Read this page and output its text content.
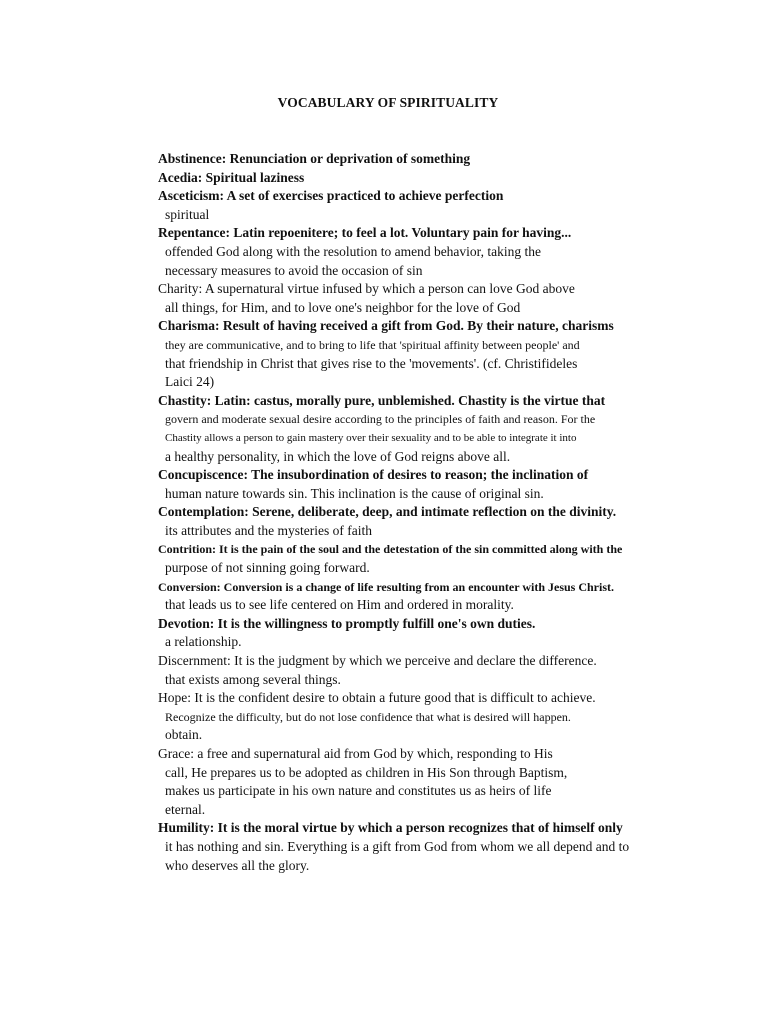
VOCABULARY OF SPIRITUALITY
Abstinence: Renunciation or deprivation of something
Acedia: Spiritual laziness
Asceticism: A set of exercises practiced to achieve perfection
spiritual
Repentance: Latin repoenitere; to feel a lot. Voluntary pain for having...
offended God along with the resolution to amend behavior, taking the
necessary measures to avoid the occasion of sin
Charity: A supernatural virtue infused by which a person can love God above
all things, for Him, and to love one's neighbor for the love of God
Charisma: Result of having received a gift from God. By their nature, charisms
they are communicative, and to bring to life that 'spiritual affinity between people' and
that friendship in Christ that gives rise to the 'movements'. (cf. Christifideles
Laici 24)
Chastity: Latin: castus, morally pure, unblemished. Chastity is the virtue that
govern and moderate sexual desire according to the principles of faith and reason. For the
Chastity allows a person to gain mastery over their sexuality and to be able to integrate it into
a healthy personality, in which the love of God reigns above all.
Concupiscence: The insubordination of desires to reason; the inclination of
human nature towards sin. This inclination is the cause of original sin.
Contemplation: Serene, deliberate, deep, and intimate reflection on the divinity.
its attributes and the mysteries of faith
Contrition: It is the pain of the soul and the detestation of the sin committed along with the
purpose of not sinning going forward.
Conversion: Conversion is a change of life resulting from an encounter with Jesus Christ.
that leads us to see life centered on Him and ordered in morality.
Devotion: It is the willingness to promptly fulfill one's own duties.
a relationship.
Discernment: It is the judgment by which we perceive and declare the difference.
that exists among several things.
Hope: It is the confident desire to obtain a future good that is difficult to achieve.
Recognize the difficulty, but do not lose confidence that what is desired will happen.
obtain.
Grace: a free and supernatural aid from God by which, responding to His
call, He prepares us to be adopted as children in His Son through Baptism,
makes us participate in his own nature and constitutes us as heirs of life
eternal.
Humility: It is the moral virtue by which a person recognizes that of himself only
it has nothing and sin. Everything is a gift from God from whom we all depend and to
who deserves all the glory.
